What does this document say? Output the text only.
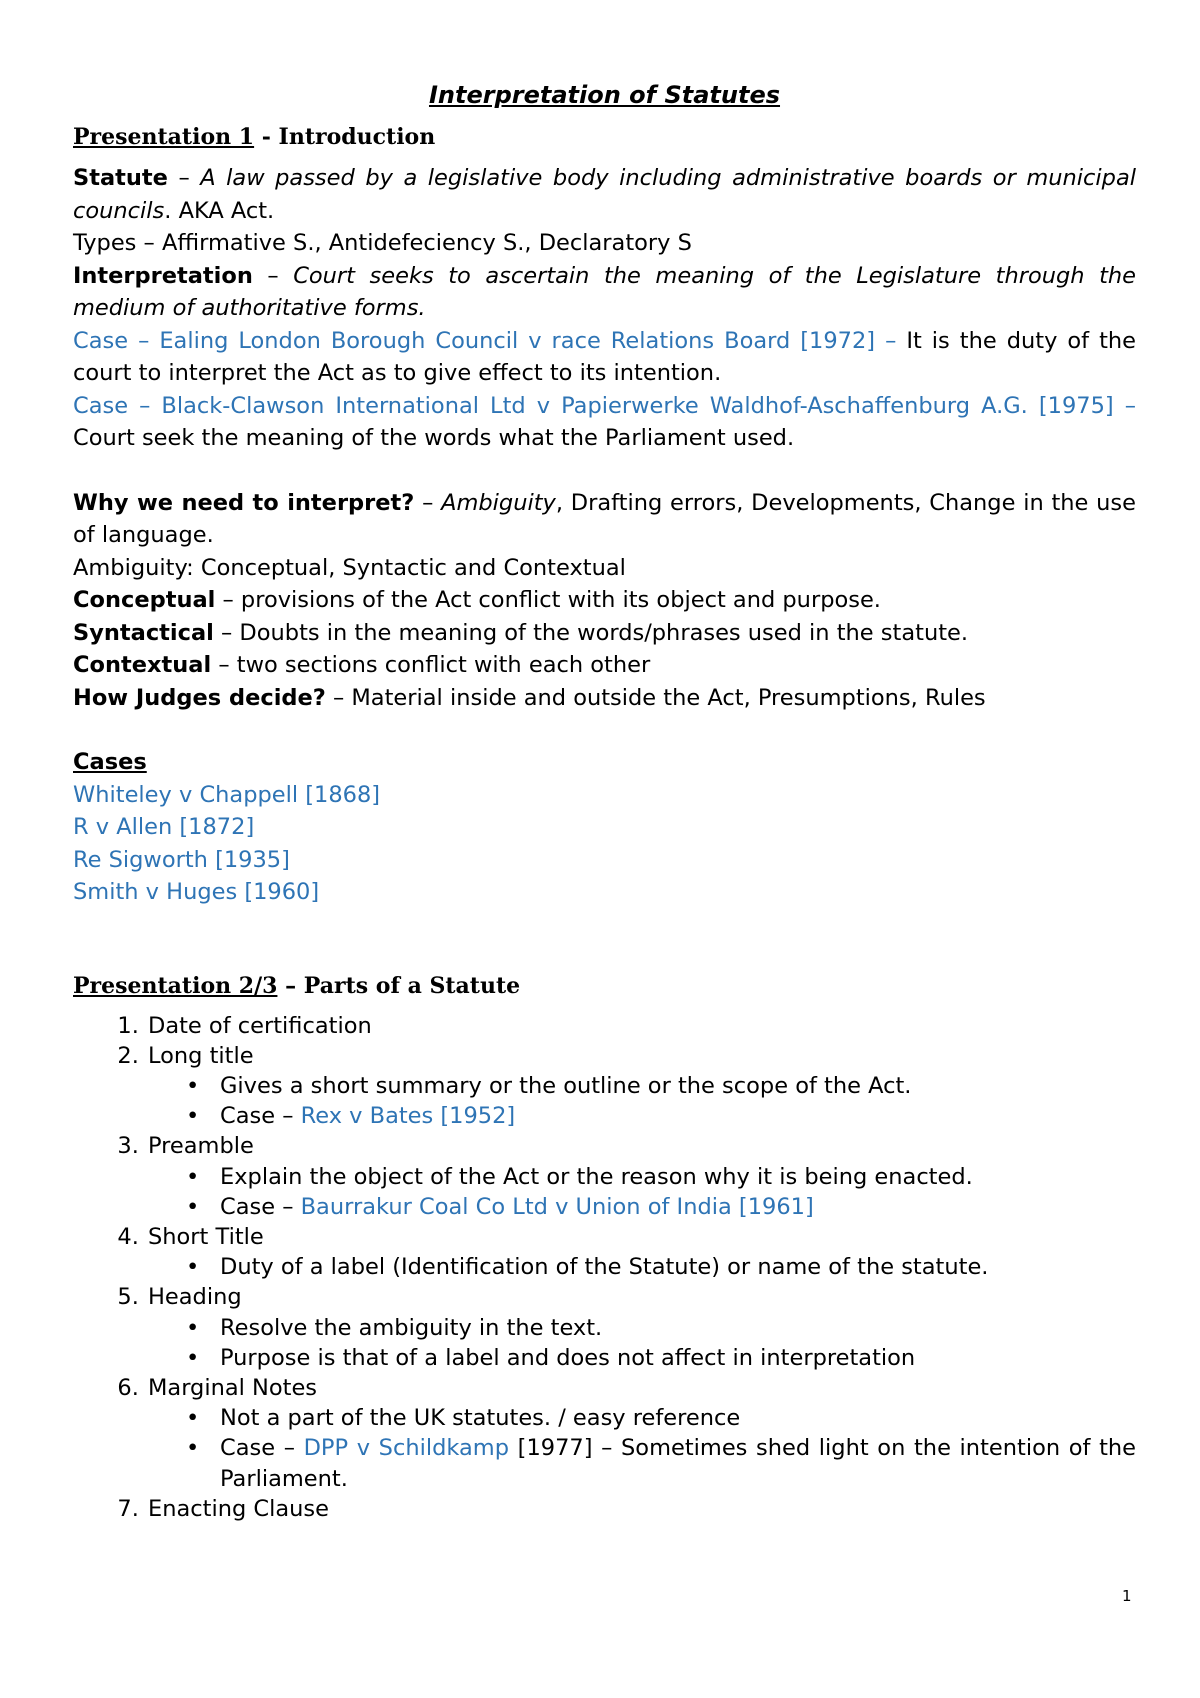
Interpretation of Statutes
Presentation 1 - Introduction

Statute – A law passed by a legislative body including administrative boards or municipal councils. AKA Act.

Types – Affirmative S., Antidefeciency S., Declaratory S

Interpretation – Court seeks to ascertain the meaning of the Legislature through the medium of authoritative forms.

Case – Ealing London Borough Council v race Relations Board [1972] – It is the duty of the court to interpret the Act as to give effect to its intention.

Case – Black-Clawson International Ltd v Papierwerke Waldhof-Aschaffenburg A.G. [1975] – Court seek the meaning of the words what the Parliament used.

Why we need to interpret? – Ambiguity, Drafting errors, Developments, Change in the use of language.

Ambiguity: Conceptual, Syntactic and Contextual

Conceptual – provisions of the Act conflict with its object and purpose.

Syntactical – Doubts in the meaning of the words/phrases used in the statute.

Contextual – two sections conflict with each other

How Judges decide? – Material inside and outside the Act, Presumptions, Rules

Cases

Whiteley v Chappell [1868]

R v Allen [1872]

Re Sigworth [1935]

Smith v Huges [1960]

Presentation 2/3 – Parts of a Statute
1. Date of certification
2. Long title
• Gives a short summary or the outline or the scope of the Act.
• Case – Rex v Bates [1952]
3. Preamble
• Explain the object of the Act or the reason why it is being enacted.
• Case – Baurrakur Coal Co Ltd v Union of India [1961]
4. Short Title
• Duty of a label (Identification of the Statute) or name of the statute.
5. Heading
• Resolve the ambiguity in the text.
• Purpose is that of a label and does not affect in interpretation
6. Marginal Notes
• Not a part of the UK statutes. / easy reference
• Case – DPP v Schildkamp [1977] – Sometimes shed light on the intention of the Parliament.
7. Enacting Clause
1
